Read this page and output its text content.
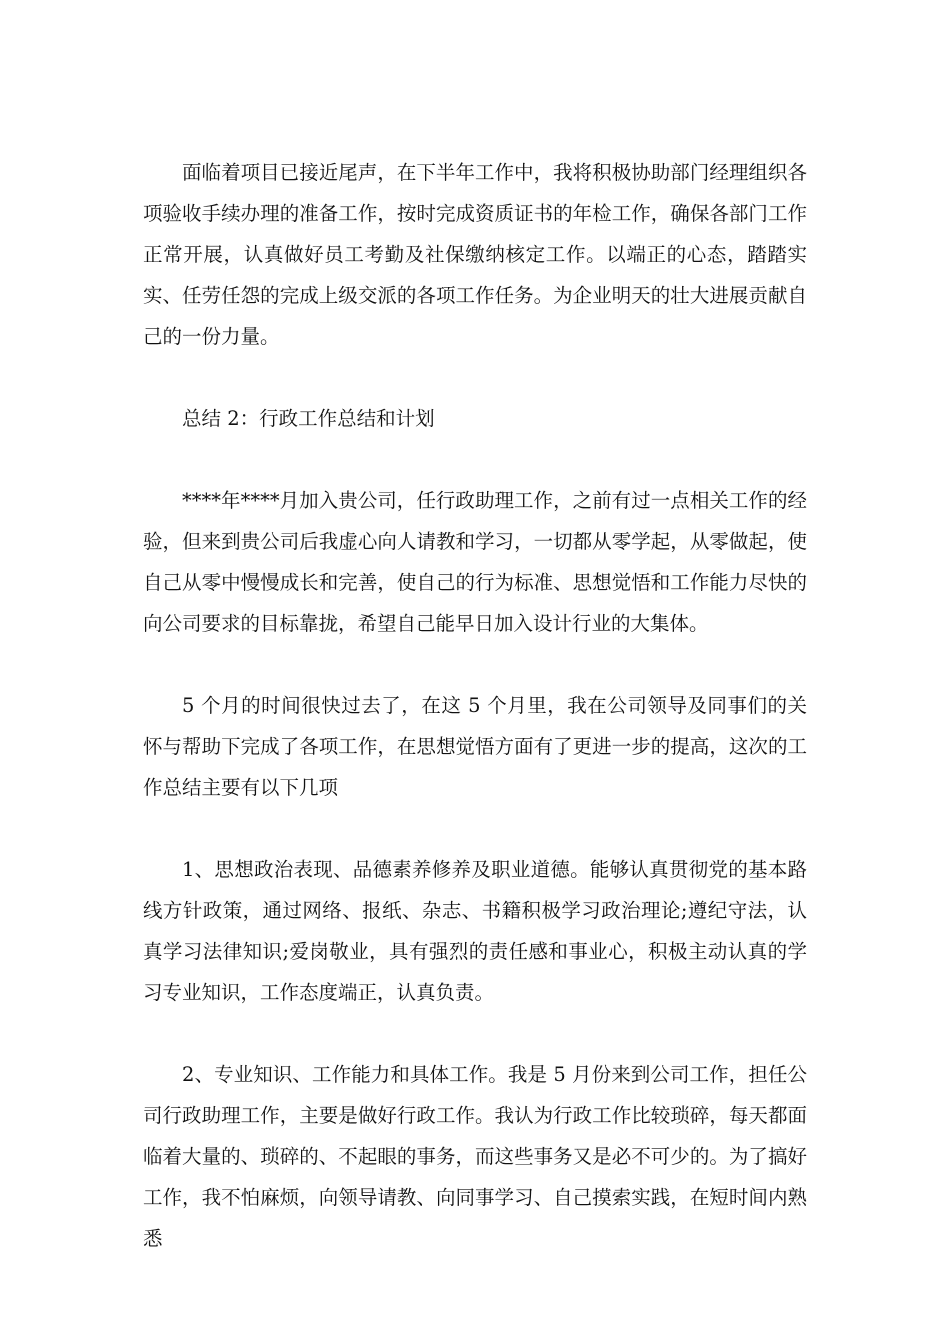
面临着项目已接近尾声，在下半年工作中，我将积极协助部门经理组织各项验收手续办理的准备工作，按时完成资质证书的年检工作，确保各部门工作正常开展，认真做好员工考勤及社保缴纳核定工作。以端正的心态，踏踏实实、任劳任怨的完成上级交派的各项工作任务。为企业明天的壮大进展贡献自己的一份力量。

总结 2：行政工作总结和计划

****年****月加入贵公司，任行政助理工作，之前有过一点相关工作的经验，但来到贵公司后我虚心向人请教和学习，一切都从零学起，从零做起，使自己从零中慢慢成长和完善，使自己的行为标准、思想觉悟和工作能力尽快的向公司要求的目标靠拢，希望自己能早日加入设计行业的大集体。

5 个月的时间很快过去了，在这 5 个月里，我在公司领导及同事们的关怀与帮助下完成了各项工作，在思想觉悟方面有了更进一步的提高，这次的工作总结主要有以下几项

1、思想政治表现、品德素养修养及职业道德。能够认真贯彻党的基本路线方针政策，通过网络、报纸、杂志、书籍积极学习政治理论;遵纪守法，认真学习法律知识;爱岗敬业，具有强烈的责任感和事业心，积极主动认真的学习专业知识，工作态度端正，认真负责。

2、专业知识、工作能力和具体工作。我是 5 月份来到公司工作，担任公司行政助理工作，主要是做好行政工作。我认为行政工作比较琐碎，每天都面临着大量的、琐碎的、不起眼的事务，而这些事务又是必不可少的。为了搞好工作，我不怕麻烦，向领导请教、向同事学习、自己摸索实践，在短时间内熟悉
